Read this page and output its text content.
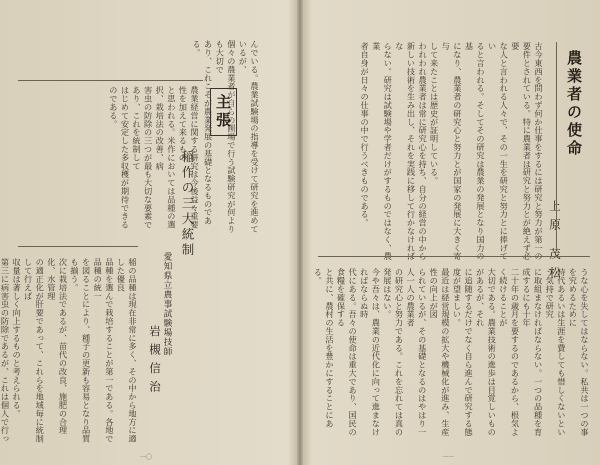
農業者の使命
上原 茂松

古今東西を問わず何か仕事をするには研究と努力が第一の

要件とされている。特に農業者は研究と努力とが絶えず必要

な人と言われる人々で、その一生を研究と努力とに捧げてい

ると言われる。そしてその研究は農業の発展となり国力の基

になり、農業者の研究心と努力とが国家の発展に大きく寄与

して来たことは歴史が証明している。

われわれ農業者は常に研究心を持ち、自分の経営の中から

新しい技術を生み出し、それを実践に移して行かなければな

らない。研究は試験場や学者だけがするものではなく、農業

者自身が日々の仕事の中で行うべきものである。

うな心を失してはならない。私共は一つの事を究めるために

時代あるいは生涯を費しても惜しくないという気持で研究

に取組まなければならない。一つの品種を育成するにも十年

二十年の歳月を要するのであるから、根気よく続けることが

大切である。農業技術の進歩は目覚しいものがあるが、それ

に追随するだけでなく自ら進んで研究する態度が望ましい。

最近は経営規模の拡大や機械化が進み、生産性の向上が図

られているが、その基礎となるのはやはり一人一人の農業者

の研究心と努力である。これを忘れては真の発展はない。

今や吾々は、農業の近代化に向って進まなければならぬ時

代にある。吾々の使命は重大であり、国民の食糧を確保する

と共に、農村の生活を豊かにすることにある。

一一

んでいる。農業試験場の指導を受けて研究を進めているが、

個々の農業者が自らの圃場で行う試験研究が何よりも大切で

あり、これこそが農業発展の基礎となるものである。

主張
稲作の三大統制
愛知県立農事試験場技師
岩槻信治

農業経営に関する研究は今後益々重要性を加えて来るもの

と思われる。米作においては品種の選択、栽培法の改善、病

害虫の防除の三つが最も大切な要素であり、これを統制して

はじめて安定した多収穫が期待できるのである。

稲の品種は現在非常に多く、その中から地方に適した優良

品種を選んで栽培することが第一である。各地で品種の統一

を図ることにより、種子の更新も容易となり品質も揃う。

次に栽培法であるが、苗代の改良、施肥の合理化、水管理

の適正化が肝要であって、これらを地域毎に統制して行えば

収量は著しく向上するものと考えられる。

第三に病害虫の防除であるが、これは個人で行っ

一〇
